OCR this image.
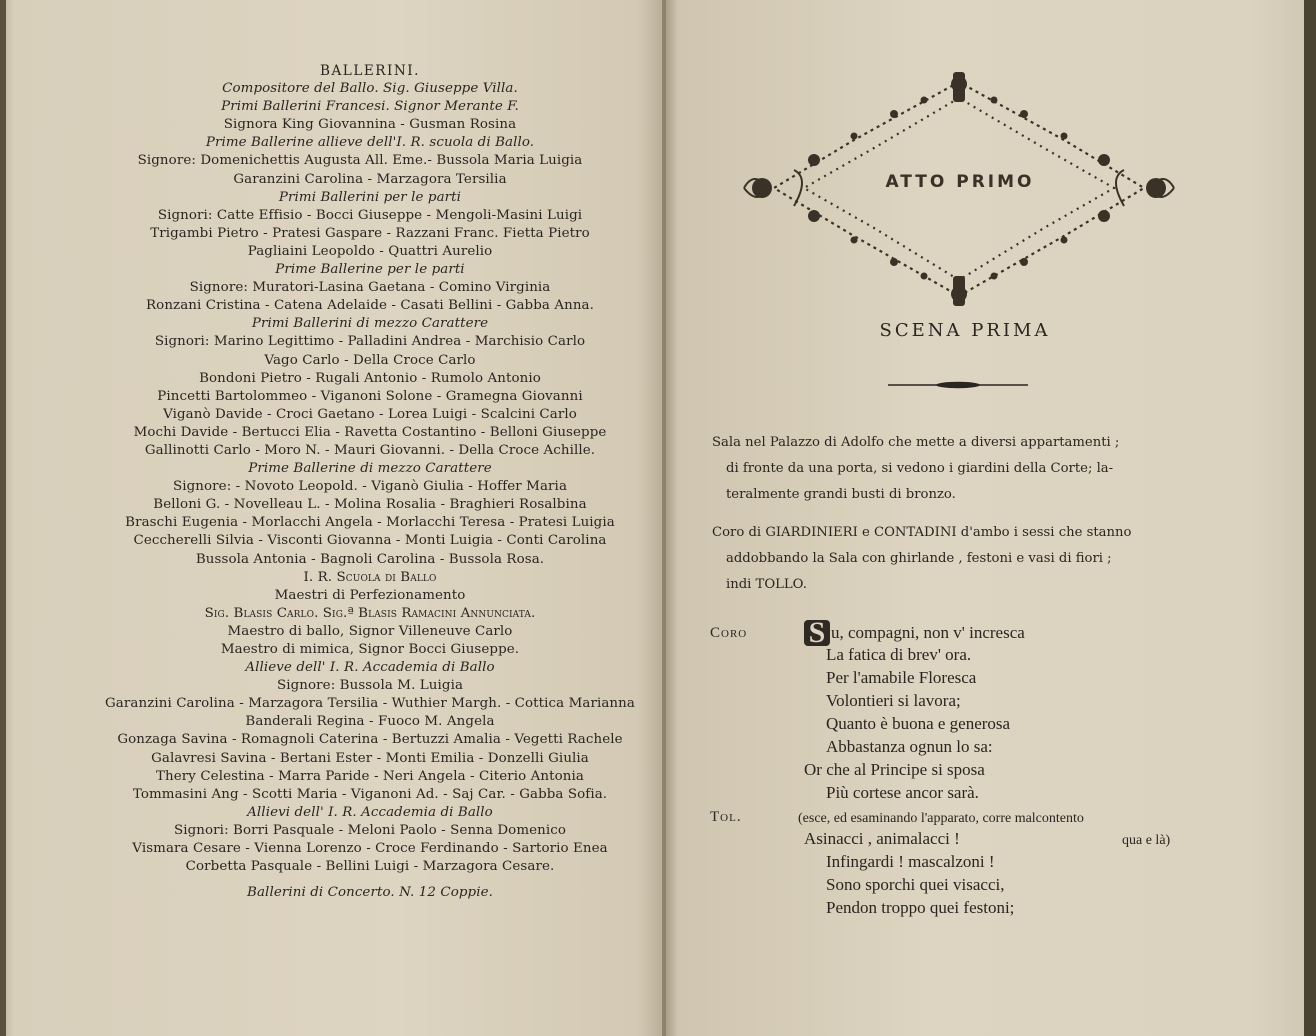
BALLERINI.
Compositore del Ballo. Sig. Giuseppe Villa.
Primi Ballerini Francesi. Signor Merante F.
Signora King Giovannina - Gusman Rosina
Prime Ballerine allieve dell'I. R. scuola di Ballo.
Signore: Domenichettis Augusta All. Eme.- Bussola Maria Luigia
Garanzini Carolina - Marzagora Tersilia
Primi Ballerini per le parti
Signori: Catte Effisio - Bocci Giuseppe - Mengoli-Masini Luigi
Trigambi Pietro - Pratesi Gaspare - Razzani Franc. Fietta Pietro
Pagliaini Leopoldo - Quattri Aurelio
Prime Ballerine per le parti
Signore: Muratori-Lasina Gaetana - Comino Virginia
Ronzani Cristina - Catena Adelaide - Casati Bellini - Gabba Anna.
Primi Ballerini di mezzo Carattere
Signori: Marino Legittimo - Palladini Andrea - Marchisio Carlo
Vago Carlo - Della Croce Carlo
Bondoni Pietro - Rugali Antonio - Rumolo Antonio
Pincetti Bartolommeo - Viganoni Solone - Gramegna Giovanni
Viganò Davide - Croci Gaetano - Lorea Luigi - Scalcini Carlo
Mochi Davide - Bertucci Elia - Ravetta Costantino - Belloni Giuseppe
Gallinotti Carlo - Moro N. - Mauri Giovanni. - Della Croce Achille.
Prime Ballerine di mezzo Carattere
Signore: - Novoto Leopold. - Viganò Giulia - Hoffer Maria
Belloni G. - Novelleau L. - Molina Rosalia - Braghieri Rosalbina
Braschi Eugenia - Morlacchi Angela - Morlacchi Teresa - Pratesi Luigia
Ceccherelli Silvia - Visconti Giovanna - Monti Luigia - Conti Carolina
Bussola Antonia - Bagnoli Carolina - Bussola Rosa.
I. R. Scuola di Ballo
Maestri di Perfezionamento
Sig. Blasis Carlo. Sig.ª Blasis Ramacini Annunciata.
Maestro di ballo, Signor Villeneuve Carlo
Maestro di mimica, Signor Bocci Giuseppe.
Allieve dell' I. R. Accademia di Ballo
Signore: Bussola M. Luigia
Garanzini Carolina - Marzagora Tersilia - Wuthier Margh. - Cottica Marianna
Banderali Regina - Fuoco M. Angela
Gonzaga Savina - Romagnoli Caterina - Bertuzzi Amalia - Vegetti Rachele
Galavresi Savina - Bertani Ester - Monti Emilia - Donzelli Giulia
Thery Celestina - Marra Paride - Neri Angela - Citerio Antonia
Tommasini Ang - Scotti Maria - Viganoni Ad. - Saj Car. - Gabba Sofia.
Allievi dell' I. R. Accademia di Ballo
Signori: Borri Pasquale - Meloni Paolo - Senna Domenico
Vismara Cesare - Vienna Lorenzo - Croce Ferdinando - Sartorio Enea
Corbetta Pasquale - Bellini Luigi - Marzagora Cesare.
Ballerini di Concerto. N. 12 Coppie.
ATTO PRIMO
SCENA PRIMA
Sala nel Palazzo di Adolfo che mette a diversi appartamenti ;
di fronte da una porta, si vedono i giardini della Corte; la-
teralmente grandi busti di bronzo.
Coro di GIARDINIERI e CONTADINI d'ambo i sessi che stanno
addobbando la Sala con ghirlande , festoni e vasi di fiori ;
indi TOLLO.
Coro S u, compagni, non v' incresca
La fatica di brev' ora.
Per l'amabile Floresca
Volontieri si lavora;
Quanto è buona e generosa
Abbastanza ognun lo sa:
Or che al Principe si sposa
Più cortese ancor sarà.
Tol.	(esce, ed esaminando l'apparato, corre malcontento
Asinacci , animalacci !	qua e là)
Infingardi ! mascalzoni !
Sono sporchi quei visacci,
Pendon troppo quei festoni;
